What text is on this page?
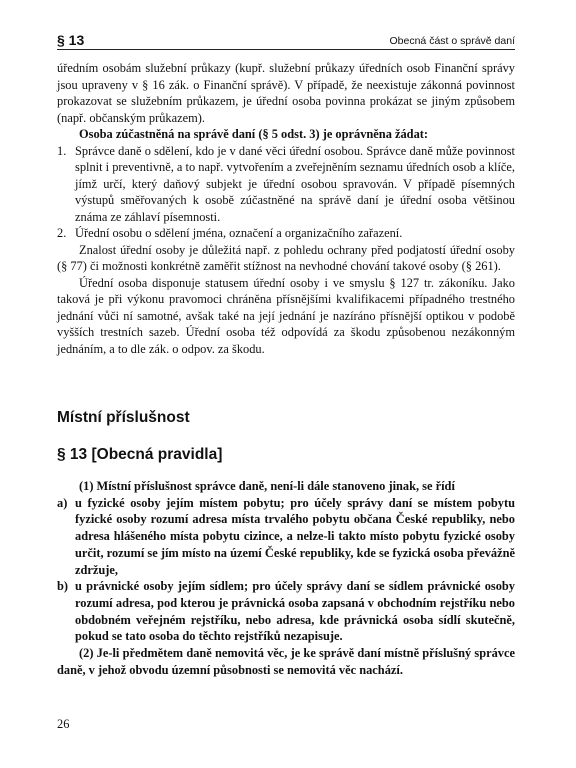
§ 13	Obecná část o správě daní

úředním osobám služební průkazy (kupř. služební průkazy úředních osob Finanční správy jsou upraveny v § 16 zák. o Finanční správě). V případě, že neexistuje zákonná povinnost prokazovat se služebním průkazem, je úřední osoba povinna prokázat se jiným způsobem (např. občanským průkazem).

Osoba zúčastněná na správě daní (§ 5 odst. 3) je oprávněna žádat:

1. Správce daně o sdělení, kdo je v dané věci úřední osobou. Správce daně může povinnost splnit i preventivně, a to např. vytvořením a zveřejněním seznamu úředních osob a klíče, jímž určí, který daňový subjekt je úřední osobou spravován. V případě písemných výstupů směřovaných k osobě zúčastněné na správě daní je úřední osoba většinou známa ze záhlaví písemnosti.
2. Úřední osobu o sdělení jména, označení a organizačního zařazení.

Znalost úřední osoby je důležitá např. z pohledu ochrany před podjatostí úřední osoby (§ 77) či možnosti konkrétně zaměřit stížnost na nevhodné chování takové osoby (§ 261).

Úřední osoba disponuje statusem úřední osoby i ve smyslu § 127 tr. zákoníku. Jako taková je při výkonu pravomoci chráněna přísnějšími kvalifikacemi případného trestného jednání vůči ní samotné, avšak také na její jednání je nazíráno přísnější optikou v podobě vyšších trestních sazeb. Úřední osoba též odpovídá za škodu způsobenou nezákonným jednáním, a to dle zák. o odpov. za škodu.

Místní příslušnost
§ 13 [Obecná pravidla]

(1) Místní příslušnost správce daně, není-li dále stanoveno jinak, se řídí

a) u fyzické osoby jejím místem pobytu; pro účely správy daní se místem pobytu fyzické osoby rozumí adresa místa trvalého pobytu občana České republiky, nebo adresa hlášeného místa pobytu cizince, a nelze-li takto místo pobytu fyzické osoby určit, rozumí se jím místo na území České republiky, kde se fyzická osoba převážně zdržuje,
b) u právnické osoby jejím sídlem; pro účely správy daní se sídlem právnické osoby rozumí adresa, pod kterou je právnická osoba zapsaná v obchodním rejstříku nebo obdobném veřejném rejstříku, nebo adresa, kde právnická osoba sídlí skutečně, pokud se tato osoba do těchto rejstříků nezapisuje.

(2) Je-li předmětem daně nemovitá věc, je ke správě daní místně příslušný správce daně, v jehož obvodu územní působnosti se nemovitá věc nachází.

26
